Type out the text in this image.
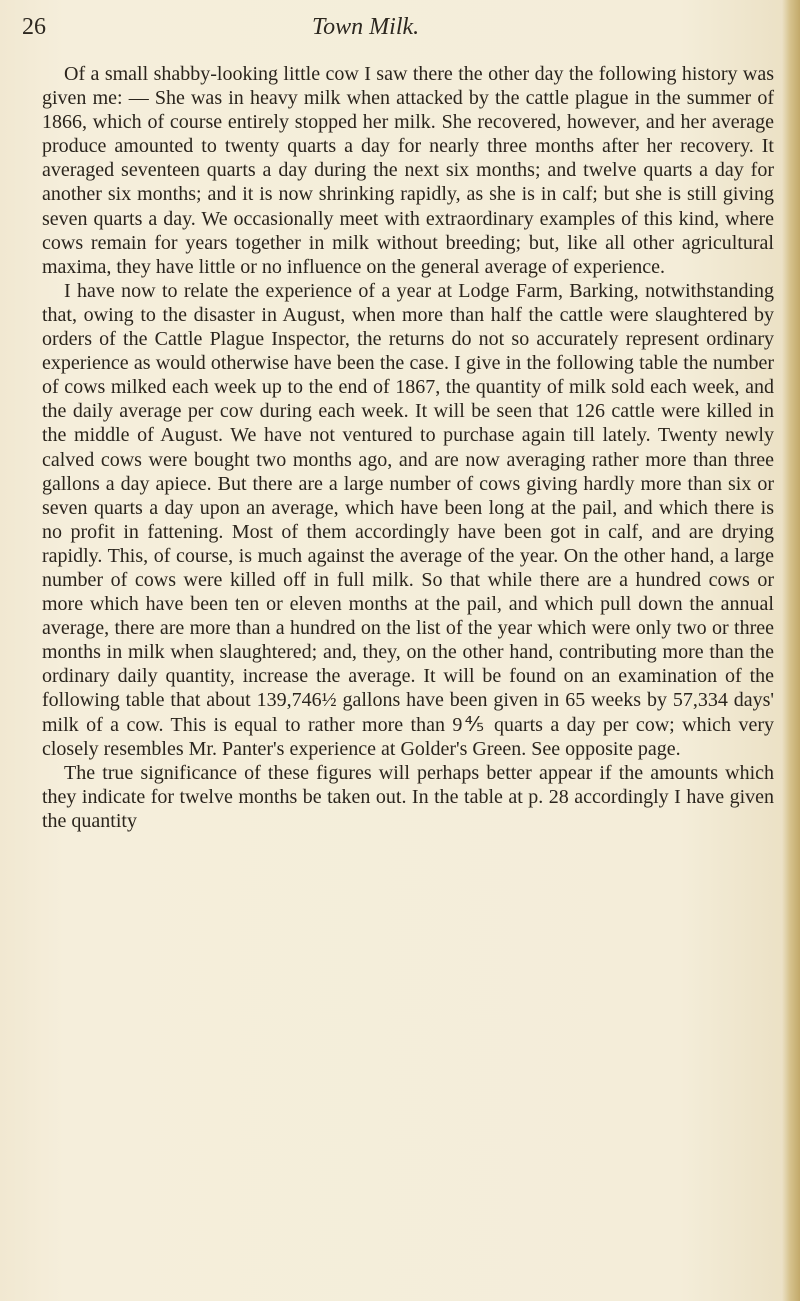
26	Town Milk.

Of a small shabby-looking little cow I saw there the other day the following history was given me: — She was in heavy milk when attacked by the cattle plague in the summer of 1866, which of course entirely stopped her milk. She recovered, however, and her average produce amounted to twenty quarts a day for nearly three months after her recovery. It averaged seventeen quarts a day during the next six months; and twelve quarts a day for another six months; and it is now shrinking rapidly, as she is in calf; but she is still giving seven quarts a day. We occasionally meet with extraordinary examples of this kind, where cows remain for years together in milk without breeding; but, like all other agricultural maxima, they have little or no influence on the general average of experience.

I have now to relate the experience of a year at Lodge Farm, Barking, notwithstanding that, owing to the disaster in August, when more than half the cattle were slaughtered by orders of the Cattle Plague Inspector, the returns do not so accurately represent ordinary experience as would otherwise have been the case. I give in the following table the number of cows milked each week up to the end of 1867, the quantity of milk sold each week, and the daily average per cow during each week. It will be seen that 126 cattle were killed in the middle of August. We have not ventured to purchase again till lately. Twenty newly calved cows were bought two months ago, and are now averaging rather more than three gallons a day apiece. But there are a large number of cows giving hardly more than six or seven quarts a day upon an average, which have been long at the pail, and which there is no profit in fattening. Most of them accordingly have been got in calf, and are drying rapidly. This, of course, is much against the average of the year. On the other hand, a large number of cows were killed off in full milk. So that while there are a hundred cows or more which have been ten or eleven months at the pail, and which pull down the annual average, there are more than a hundred on the list of the year which were only two or three months in milk when slaughtered; and, they, on the other hand, contributing more than the ordinary daily quantity, increase the average. It will be found on an examination of the following table that about 139,746½ gallons have been given in 65 weeks by 57,334 days' milk of a cow. This is equal to rather more than 9⅘ quarts a day per cow; which very closely resembles Mr. Panter's experience at Golder's Green. See opposite page.

The true significance of these figures will perhaps better appear if the amounts which they indicate for twelve months be taken out. In the table at p. 28 accordingly I have given the quantity
